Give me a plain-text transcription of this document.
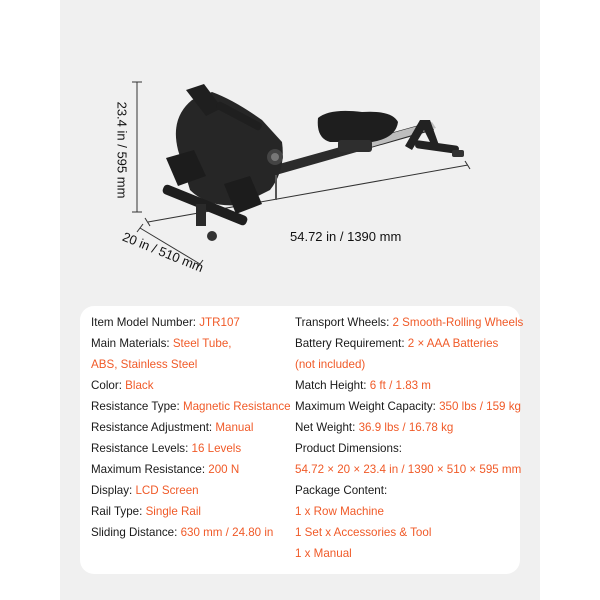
23.4 in / 595 mm
54.72 in / 1390 mm
20 in / 510 mm
Item Model Number: JTR107
Main Materials: Steel Tube,
ABS, Stainless Steel
Color: Black
Resistance Type: Magnetic Resistance
Resistance Adjustment: Manual
Resistance Levels: 16 Levels
Maximum Resistance: 200 N
Display: LCD Screen
Rail Type: Single Rail
Sliding Distance: 630 mm / 24.80 in
Transport Wheels: 2 Smooth-Rolling Wheels
Battery Requirement: 2 × AAA Batteries
(not included)
Match Height: 6 ft / 1.83 m
Maximum Weight Capacity: 350 lbs / 159 kg
Net Weight: 36.9 lbs / 16.78 kg
Product Dimensions:
54.72 × 20 × 23.4 in / 1390 × 510 × 595 mm
Package Content:
1 x Row Machine
1 Set x Accessories & Tool
1 x Manual
